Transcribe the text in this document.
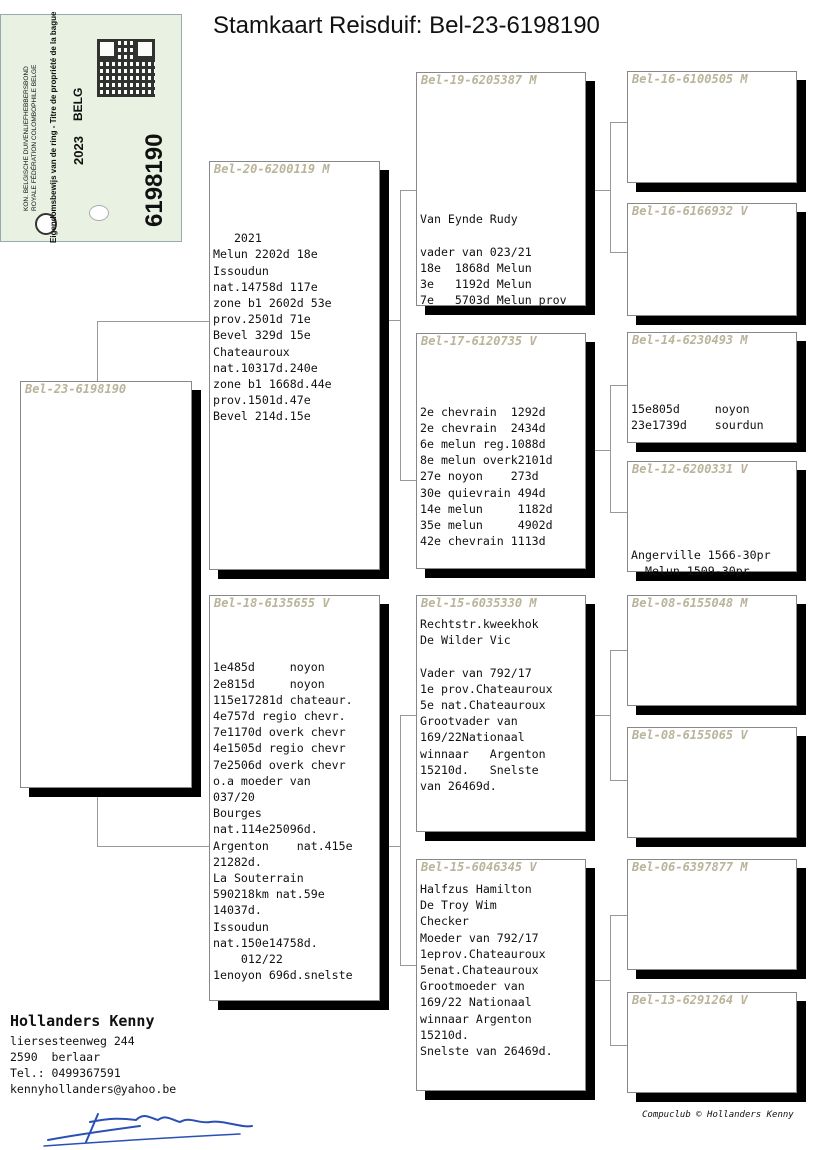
Stamkaart Reisduif: Bel-23-6198190
KON. BELGISCHE DUIVENLIEFHEBBERSBOND ROYALE FÉDÉRATION COLOMBOPHILE BELGE	2023
BELG
Eigendomsbewijs van de ring - Titre de propriété de la bague	6198190
Bel-23-6198190
Bel-20-6200119 M

2021
Melun 2202d 18e
Issoudun
nat.14758d 117e
zone b1 2602d 53e
prov.2501d 71e
Bevel 329d 15e
Chateauroux
nat.10317d.240e
zone b1 1668d.44e
prov.1501d.47e
Bevel 214d.15e
Bel-18-6135655 V

1e485d     noyon
2e815d     noyon
115e17281d chateaur.
4e757d regio chevr.
7e1170d overk chevr
4e1505d regio chevr
7e2506d overk chevr
o.a moeder van
037/20
Bourges
nat.114e25096d.
Argenton    nat.415e
21282d.
La Souterrain
590218km nat.59e
14037d.
Issoudun
nat.150e14758d.
012/22
1enoyon 696d.snelste
Bel-19-6205387 M

Van Eynde Rudy

vader van 023/21
18e  1868d Melun
3e   1192d Melun
7e   5703d Melun prov
Bel-17-6120735 V

2e chevrain  1292d
2e chevrain  2434d
6e melun reg.1088d
8e melun overk2101d
27e noyon    273d
30e quievrain 494d
14e melun     1182d
35e melun     4902d
42e chevrain 1113d
Bel-15-6035330 M
Rechtstr.kweekhok
De Wilder Vic

Vader van 792/17
1e prov.Chateauroux
5e nat.Chateauroux
Grootvader van
169/22Nationaal
winnaar   Argenton
15210d.   Snelste
van 26469d.
Bel-15-6046345 V
Halfzus Hamilton
De Troy Wim
Checker
Moeder van 792/17
1eprov.Chateauroux
5enat.Chateauroux
Grootmoeder van
169/22 Nationaal
winnaar Argenton
15210d.
Snelste van 26469d.
Bel-16-6100505 M
Bel-16-6166932 V
Bel-14-6230493 M

15e805d     noyon
23e1739d    sourdun
Bel-12-6200331 V

Angerville 1566-30pr
Melun 1509-30pr
Bel-08-6155048 M
Bel-08-6155065 V
Bel-06-6397877 M
Bel-13-6291264 V
Hollanders Kenny
liersesteenweg 244
2590  berlaar
Tel.: 0499367591
kennyhollanders@yahoo.be
Compuclub © Hollanders Kenny
